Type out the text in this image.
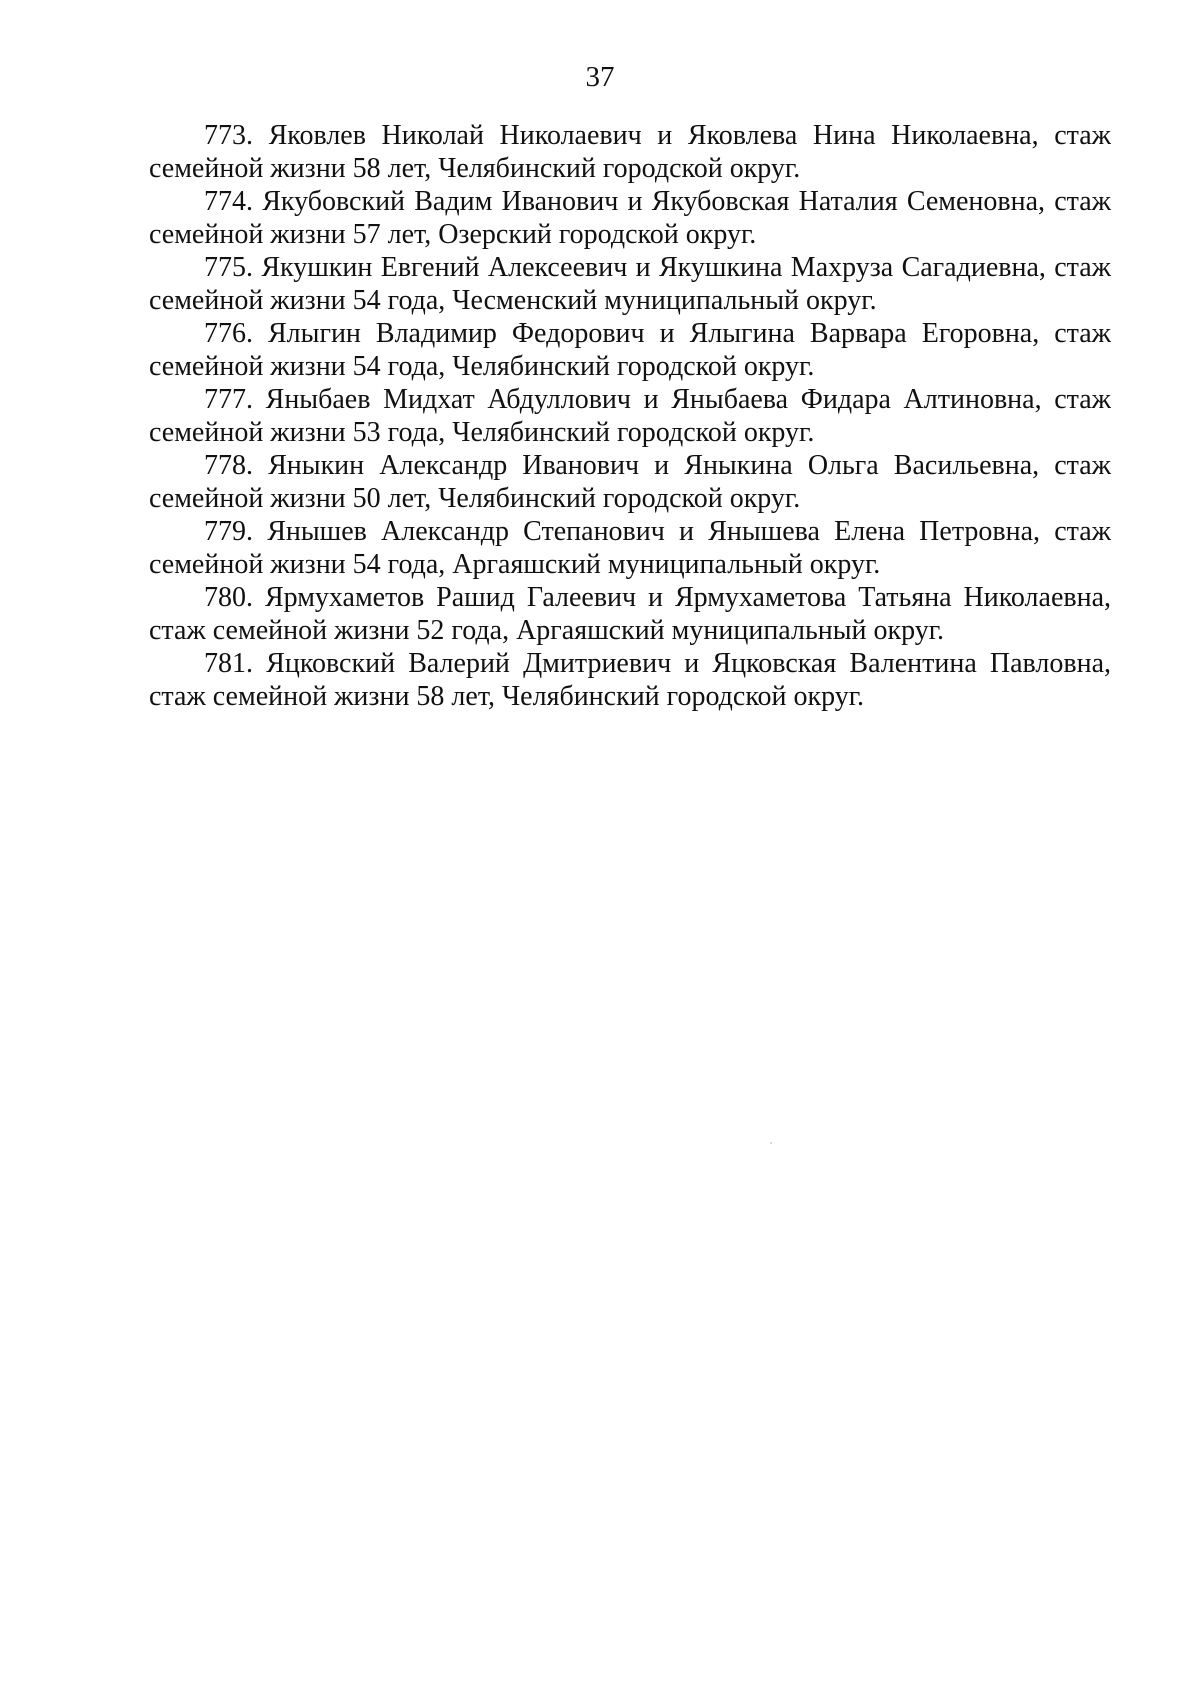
37

773. Яковлев Николай Николаевич и Яковлева Нина Николаевна, стаж семейной жизни 58 лет, Челябинский городской округ.

774. Якубовский Вадим Иванович и Якубовская Наталия Семеновна, стаж семейной жизни 57 лет, Озерский городской округ.

775. Якушкин Евгений Алексеевич и Якушкина Махруза Сагадиевна, стаж семейной жизни 54 года, Чесменский муниципальный округ.

776. Ялыгин Владимир Федорович и Ялыгина Варвара Егоровна, стаж семейной жизни 54 года, Челябинский городской округ.

777. Яныбаев Мидхат Абдуллович и Яныбаева Фидара Алтиновна, стаж семейной жизни 53 года, Челябинский городской округ.

778. Яныкин Александр Иванович и Яныкина Ольга Васильевна, стаж семейной жизни 50 лет, Челябинский городской округ.

779. Янышев Александр Степанович и Янышева Елена Петровна, стаж семейной жизни 54 года, Аргаяшский муниципальный округ.

780. Ярмухаметов Рашид Галеевич и Ярмухаметова Татьяна Николаевна, стаж семейной жизни 52 года, Аргаяшский муниципальный округ.

781. Яцковский Валерий Дмитриевич и Яцковская Валентина Павловна, стаж семейной жизни 58 лет, Челябинский городской округ.
